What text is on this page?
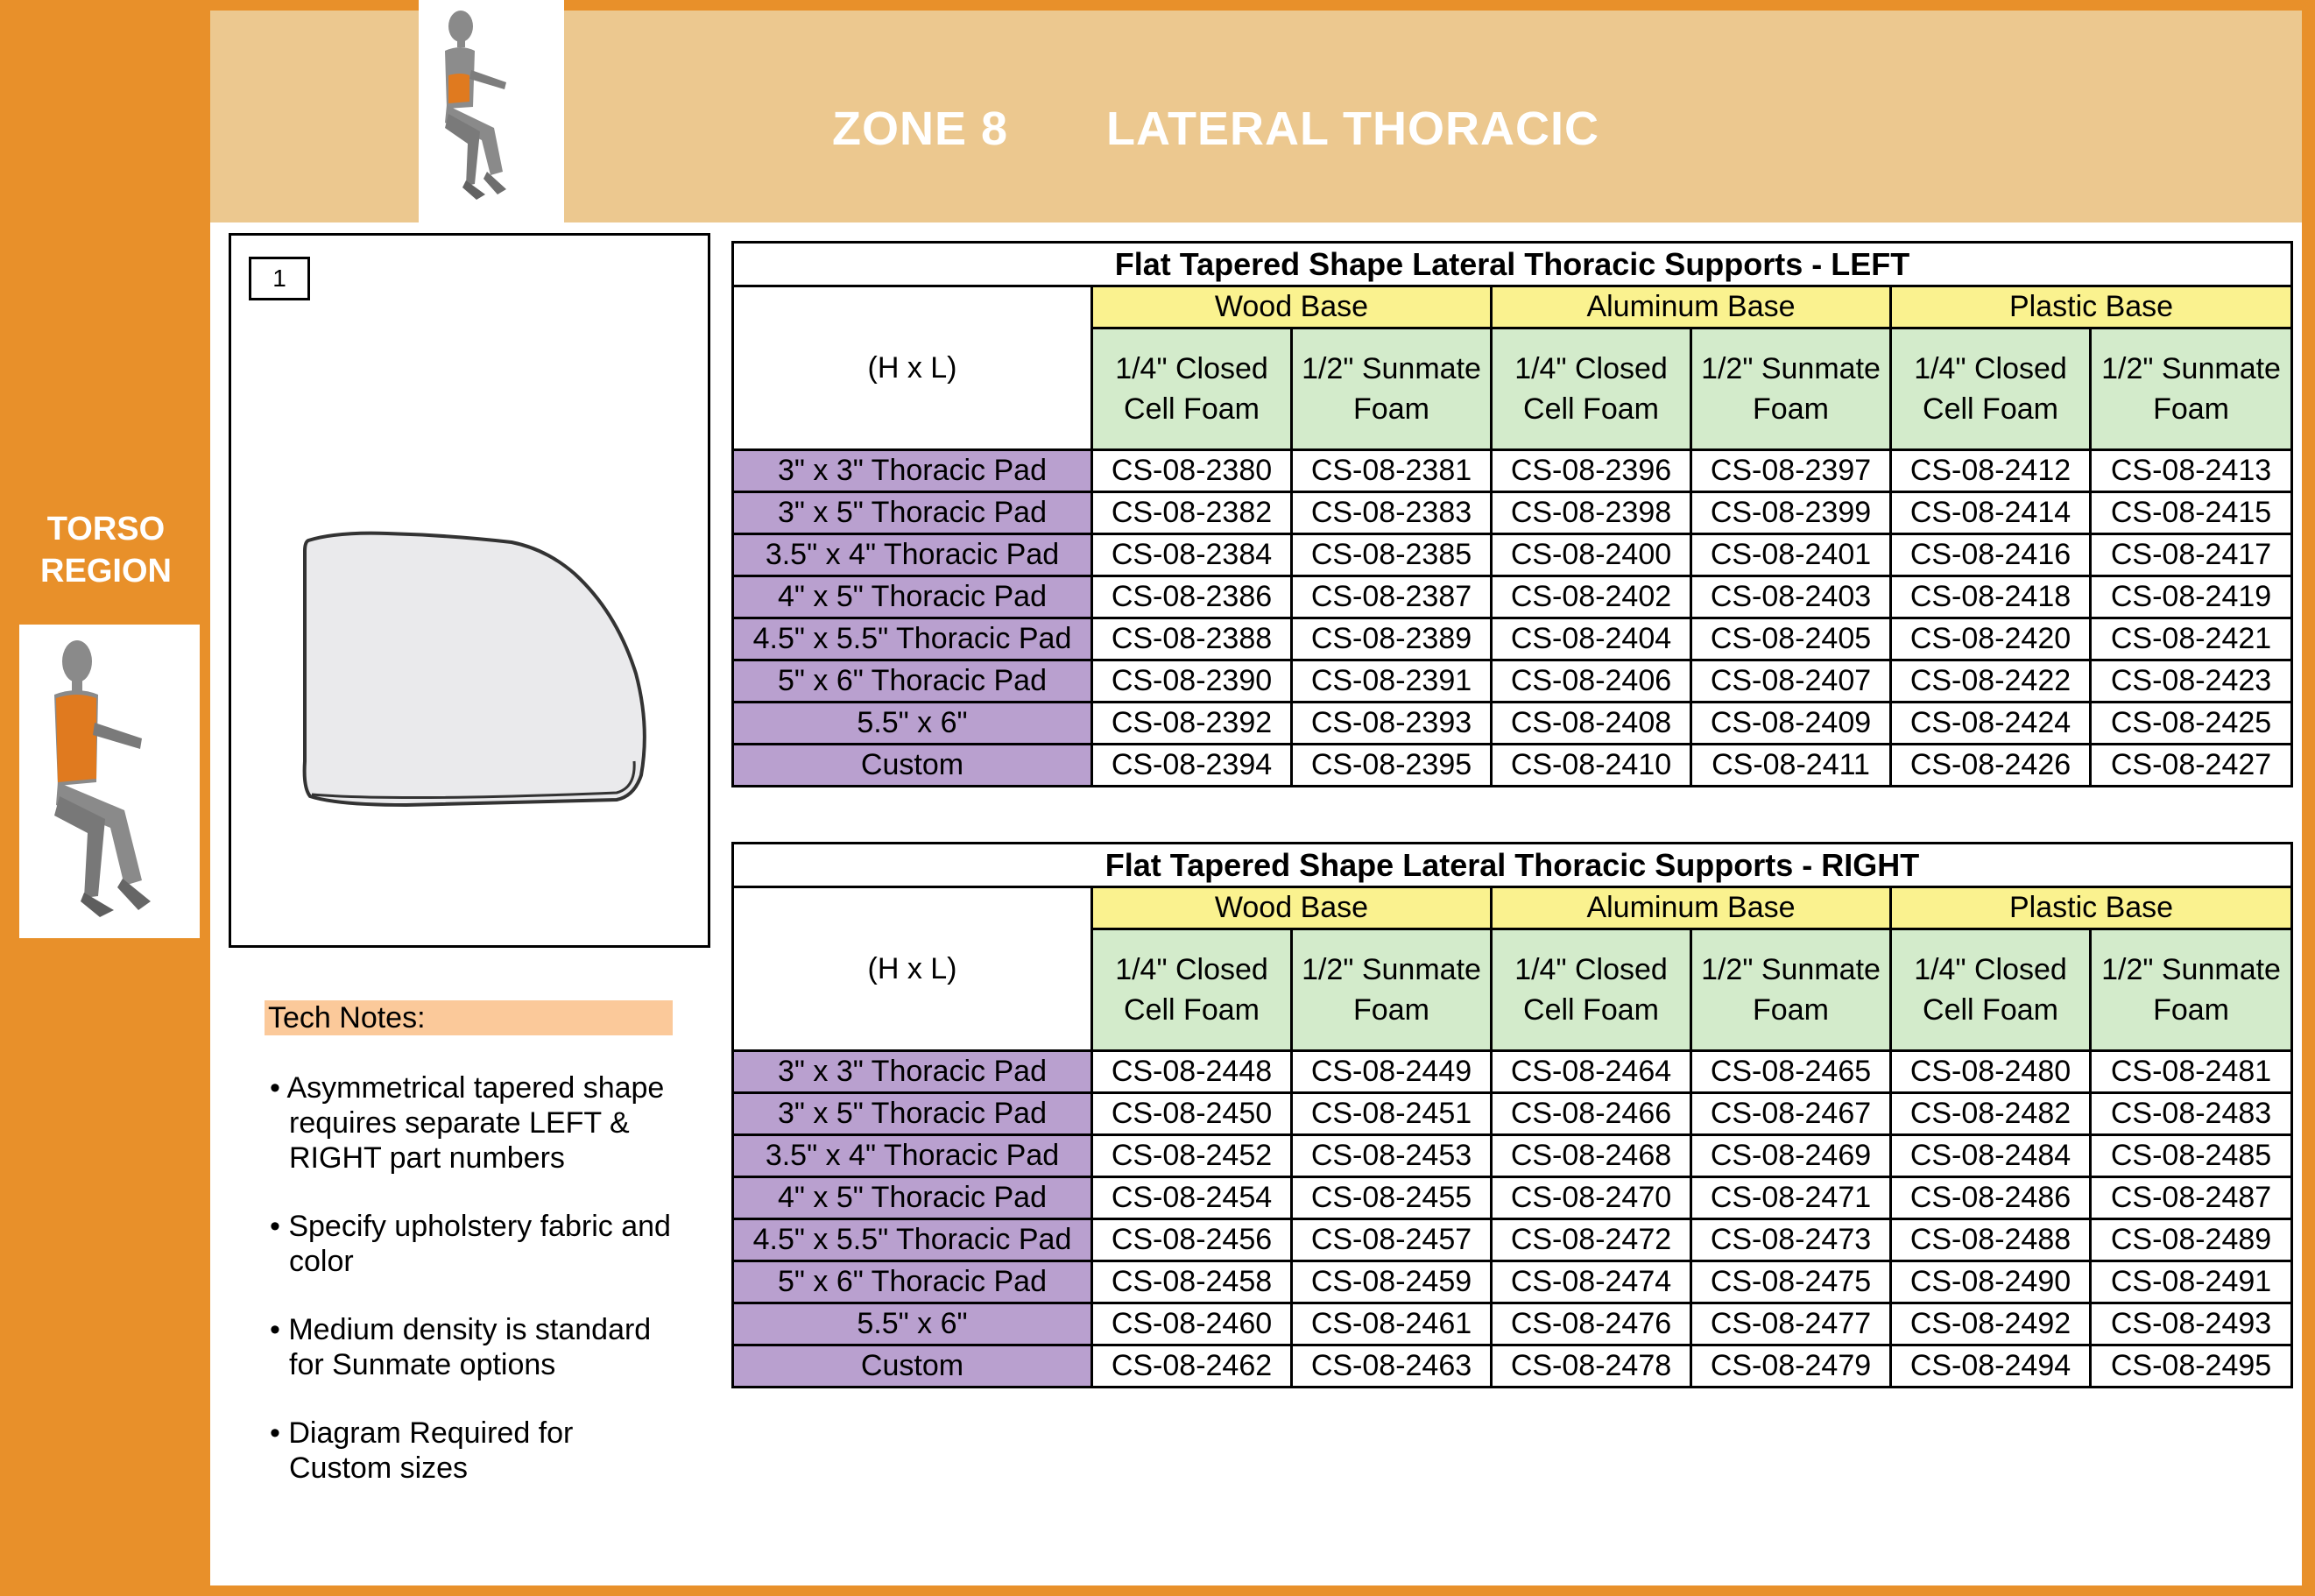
ZONE 8 LATERAL THORACIC
TORSO
REGION
1
Tech Notes:
• Asymmetrical tapered shape requires separate LEFT & RIGHT part numbers
• Specify upholstery fabric and color
• Medium density is standard for Sunmate options
• Diagram Required for Custom sizes
Flat Tapered Shape Lateral Thoracic Supports - LEFT						
(H x L)	Wood Base		Aluminum Base		Plastic Base	
	1/4" Closed Cell Foam	1/2" Sunmate Foam	1/4" Closed Cell Foam	1/2" Sunmate Foam	1/4" Closed Cell Foam	1/2" Sunmate Foam
3" x 3" Thoracic Pad	CS-08-2380	CS-08-2381	CS-08-2396	CS-08-2397	CS-08-2412	CS-08-2413
3" x 5" Thoracic Pad	CS-08-2382	CS-08-2383	CS-08-2398	CS-08-2399	CS-08-2414	CS-08-2415
3.5" x 4" Thoracic Pad	CS-08-2384	CS-08-2385	CS-08-2400	CS-08-2401	CS-08-2416	CS-08-2417
4" x 5" Thoracic Pad	CS-08-2386	CS-08-2387	CS-08-2402	CS-08-2403	CS-08-2418	CS-08-2419
4.5" x 5.5" Thoracic Pad	CS-08-2388	CS-08-2389	CS-08-2404	CS-08-2405	CS-08-2420	CS-08-2421
5" x 6" Thoracic Pad	CS-08-2390	CS-08-2391	CS-08-2406	CS-08-2407	CS-08-2422	CS-08-2423
5.5" x 6"	CS-08-2392	CS-08-2393	CS-08-2408	CS-08-2409	CS-08-2424	CS-08-2425
Custom	CS-08-2394	CS-08-2395	CS-08-2410	CS-08-2411	CS-08-2426	CS-08-2427
Flat Tapered Shape Lateral Thoracic Supports - RIGHT						
(H x L)	Wood Base		Aluminum Base		Plastic Base	
	1/4" Closed Cell Foam	1/2" Sunmate Foam	1/4" Closed Cell Foam	1/2" Sunmate Foam	1/4" Closed Cell Foam	1/2" Sunmate Foam
3" x 3" Thoracic Pad	CS-08-2448	CS-08-2449	CS-08-2464	CS-08-2465	CS-08-2480	CS-08-2481
3" x 5" Thoracic Pad	CS-08-2450	CS-08-2451	CS-08-2466	CS-08-2467	CS-08-2482	CS-08-2483
3.5" x 4" Thoracic Pad	CS-08-2452	CS-08-2453	CS-08-2468	CS-08-2469	CS-08-2484	CS-08-2485
4" x 5" Thoracic Pad	CS-08-2454	CS-08-2455	CS-08-2470	CS-08-2471	CS-08-2486	CS-08-2487
4.5" x 5.5" Thoracic Pad	CS-08-2456	CS-08-2457	CS-08-2472	CS-08-2473	CS-08-2488	CS-08-2489
5" x 6" Thoracic Pad	CS-08-2458	CS-08-2459	CS-08-2474	CS-08-2475	CS-08-2490	CS-08-2491
5.5" x 6"	CS-08-2460	CS-08-2461	CS-08-2476	CS-08-2477	CS-08-2492	CS-08-2493
Custom	CS-08-2462	CS-08-2463	CS-08-2478	CS-08-2479	CS-08-2494	CS-08-2495
